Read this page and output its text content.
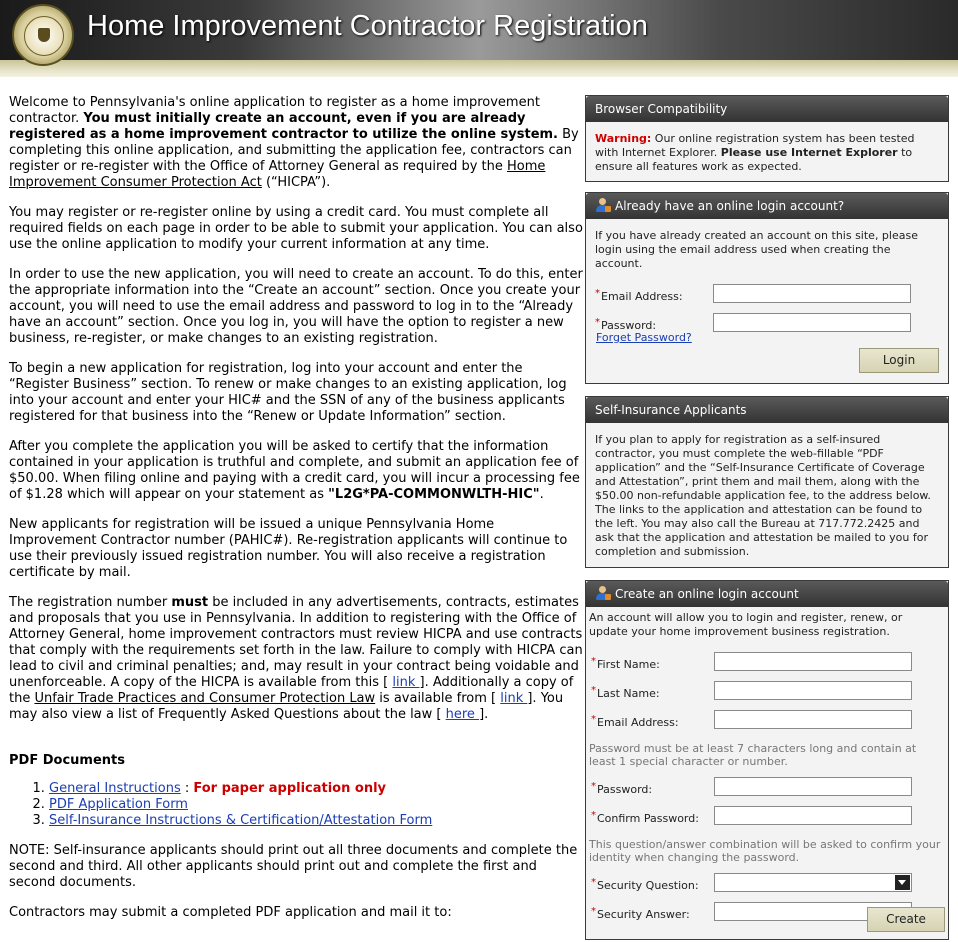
Home Improvement Contractor Registration

Welcome to Pennsylvania's online application to register as a home improvement contractor. You must initially create an account, even if you are already registered as a home improvement contractor to utilize the online system. By completing this online application, and submitting the application fee, contractors can register or re-register with the Office of Attorney General as required by the Home Improvement Consumer Protection Act (“HICPA”).

You may register or re-register online by using a credit card. You must complete all required fields on each page in order to be able to submit your application. You can also use the online application to modify your current information at any time.

In order to use the new application, you will need to create an account. To do this, enter the appropriate information into the “Create an account” section. Once you create your account, you will need to use the email address and password to log in to the “Already have an account” section. Once you log in, you will have the option to register a new business, re-register, or make changes to an existing registration.

To begin a new application for registration, log into your account and enter the “Register Business” section. To renew or make changes to an existing application, log into your account and enter your HIC# and the SSN of any of the business applicants registered for that business into the “Renew or Update Information” section.

After you complete the application you will be asked to certify that the information contained in your application is truthful and complete, and submit an application fee of $50.00. When filing online and paying with a credit card, you will incur a processing fee of $1.28 which will appear on your statement as "L2G*PA-COMMONWLTH-HIC".

New applicants for registration will be issued a unique Pennsylvania Home Improvement Contractor number (PAHIC#). Re-registration applicants will continue to use their previously issued registration number. You will also receive a registration certificate by mail.

The registration number must be included in any advertisements, contracts, estimates and proposals that you use in Pennsylvania. In addition to registering with the Office of Attorney General, home improvement contractors must review HICPA and use contracts that comply with the requirements set forth in the law. Failure to comply with HICPA can lead to civil and criminal penalties; and, may result in your contract being voidable and unenforceable. A copy of the HICPA is available from this [ link ]. Additionally a copy of the Unfair Trade Practices and Consumer Protection Law is available from [ link ]. You may also view a list of Frequently Asked Questions about the law [ here ].

PDF Documents
1. General Instructions : For paper application only
2. PDF Application Form
3. Self-Insurance Instructions & Certification/Attestation Form

NOTE: Self-insurance applicants should print out all three documents and complete the second and third. All other applicants should print out and complete the first and second documents.

Contractors may submit a completed PDF application and mail it to:

Browser Compatibility
Warning: Our online registration system has been tested with Internet Explorer. Please use Internet Explorer to ensure all features work as expected.
Already have an online login account?
If you have already created an account on this site, please login using the email address used when creating the account.
*Email Address:
*Password:
Forget Password?
Login
Self-Insurance Applicants
If you plan to apply for registration as a self-insured contractor, you must complete the web-fillable “PDF application” and the “Self-Insurance Certificate of Coverage and Attestation”, print them and mail them, along with the $50.00 non-refundable application fee, to the address below. The links to the application and attestation can be found to the left. You may also call the Bureau at 717.772.2425 and ask that the application and attestation be mailed to you for completion and submission.
Create an online login account
An account will allow you to login and register, renew, or update your home improvement business registration.
*First Name:
*Last Name:
*Email Address:
Password must be at least 7 characters long and contain at least 1 special character or number.
*Password:
*Confirm Password:
This question/answer combination will be asked to confirm your identity when changing the password.
*Security Question:
*Security Answer:	Create
